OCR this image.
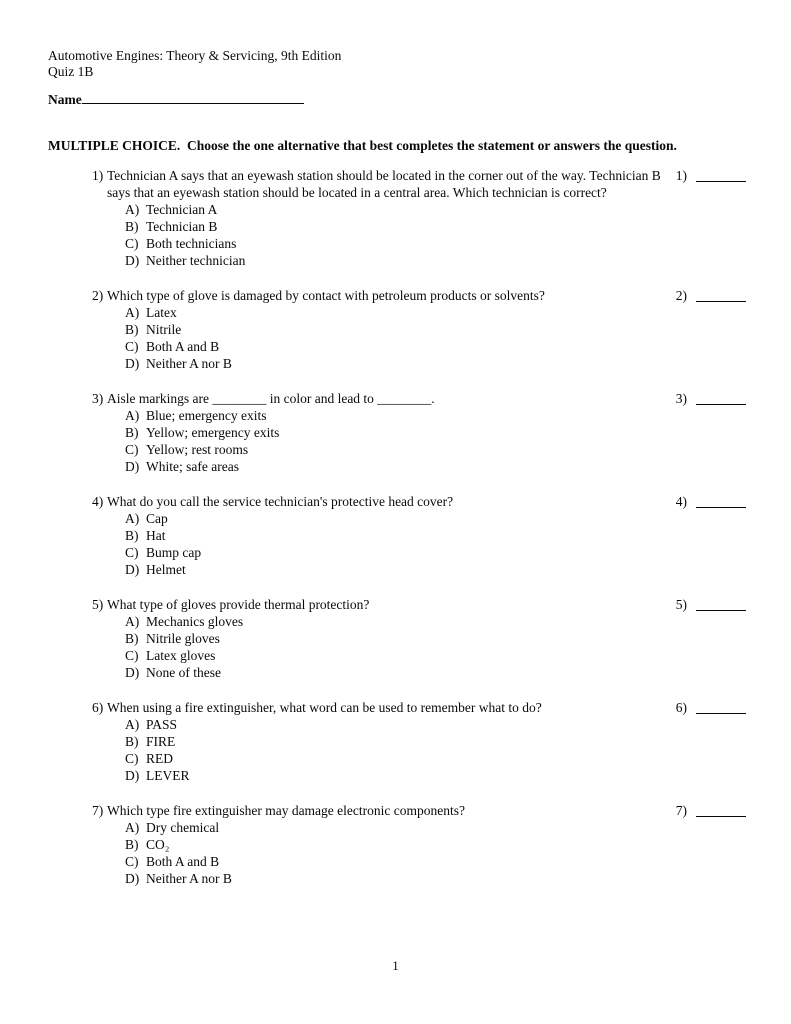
Automotive Engines: Theory & Servicing, 9th Edition
Quiz 1B
Name
MULTIPLE CHOICE.  Choose the one alternative that best completes the statement or answers the question.
1) Technician A says that an eyewash station should be located in the corner out of the way. Technician B says that an eyewash station should be located in a central area. Which technician is correct?
A) Technician A
B) Technician B
C) Both technicians
D) Neither technician
1)
2) Which type of glove is damaged by contact with petroleum products or solvents?
A) Latex
B) Nitrile
C) Both A and B
D) Neither A nor B
2)
3) Aisle markings are ________ in color and lead to ________.
A) Blue; emergency exits
B) Yellow; emergency exits
C) Yellow; rest rooms
D) White; safe areas
3)
4) What do you call the service technician's protective head cover?
A) Cap
B) Hat
C) Bump cap
D) Helmet
4)
5) What type of gloves provide thermal protection?
A) Mechanics gloves
B) Nitrile gloves
C) Latex gloves
D) None of these
5)
6) When using a fire extinguisher, what word can be used to remember what to do?
A) PASS
B) FIRE
C) RED
D) LEVER
6)
7) Which type fire extinguisher may damage electronic components?
A) Dry chemical
B) CO₂
C) Both A and B
D) Neither A nor B
7)
1
